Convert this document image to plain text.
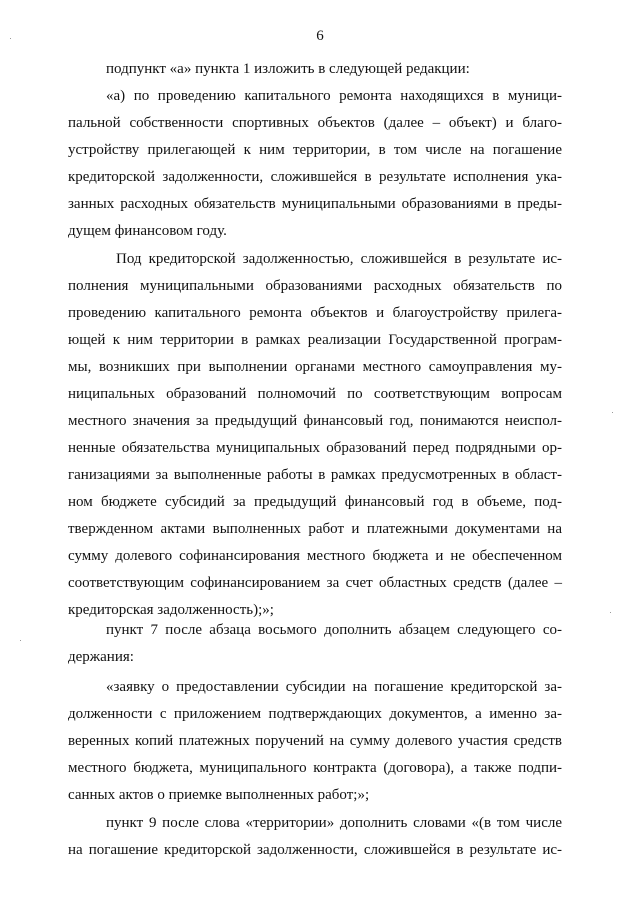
6
подпункт «а» пункта 1 изложить в следующей редакции:
«а) по проведению капитального ремонта находящихся в муници-
пальной собственности спортивных объектов (далее – объект) и благо-
устройству прилегающей к ним территории, в том числе на погашение
кредиторской задолженности, сложившейся в результате исполнения ука-
занных расходных обязательств муниципальными образованиями в преды-
дущем финансовом году.
Под кредиторской задолженностью, сложившейся в результате ис-
полнения муниципальными образованиями расходных обязательств по
проведению капитального ремонта объектов и благоустройству прилега-
ющей к ним территории в рамках реализации Государственной програм-
мы, возникших при выполнении органами местного самоуправления му-
ниципальных образований полномочий по соответствующим вопросам
местного значения за предыдущий финансовый год, понимаются неиспол-
ненные обязательства муниципальных образований перед подрядными ор-
ганизациями за выполненные работы в рамках предусмотренных в област-
ном бюджете субсидий за предыдущий финансовый год в объеме, под-
твержденном актами выполненных работ и платежными документами на
сумму долевого софинансирования местного бюджета и не обеспеченном
соответствующим софинансированием за счет областных средств (далее –
кредиторская задолженность);»;
пункт 7 после абзаца восьмого дополнить абзацем следующего со-
держания:
«заявку о предоставлении субсидии на погашение кредиторской за-
долженности с приложением подтверждающих документов, а именно за-
веренных копий платежных поручений на сумму долевого участия средств
местного бюджета, муниципального контракта (договора), а также подпи-
санных актов о приемке выполненных работ;»;
пункт 9 после слова «территории» дополнить словами «(в том числе
на погашение кредиторской задолженности, сложившейся в результате ис-
